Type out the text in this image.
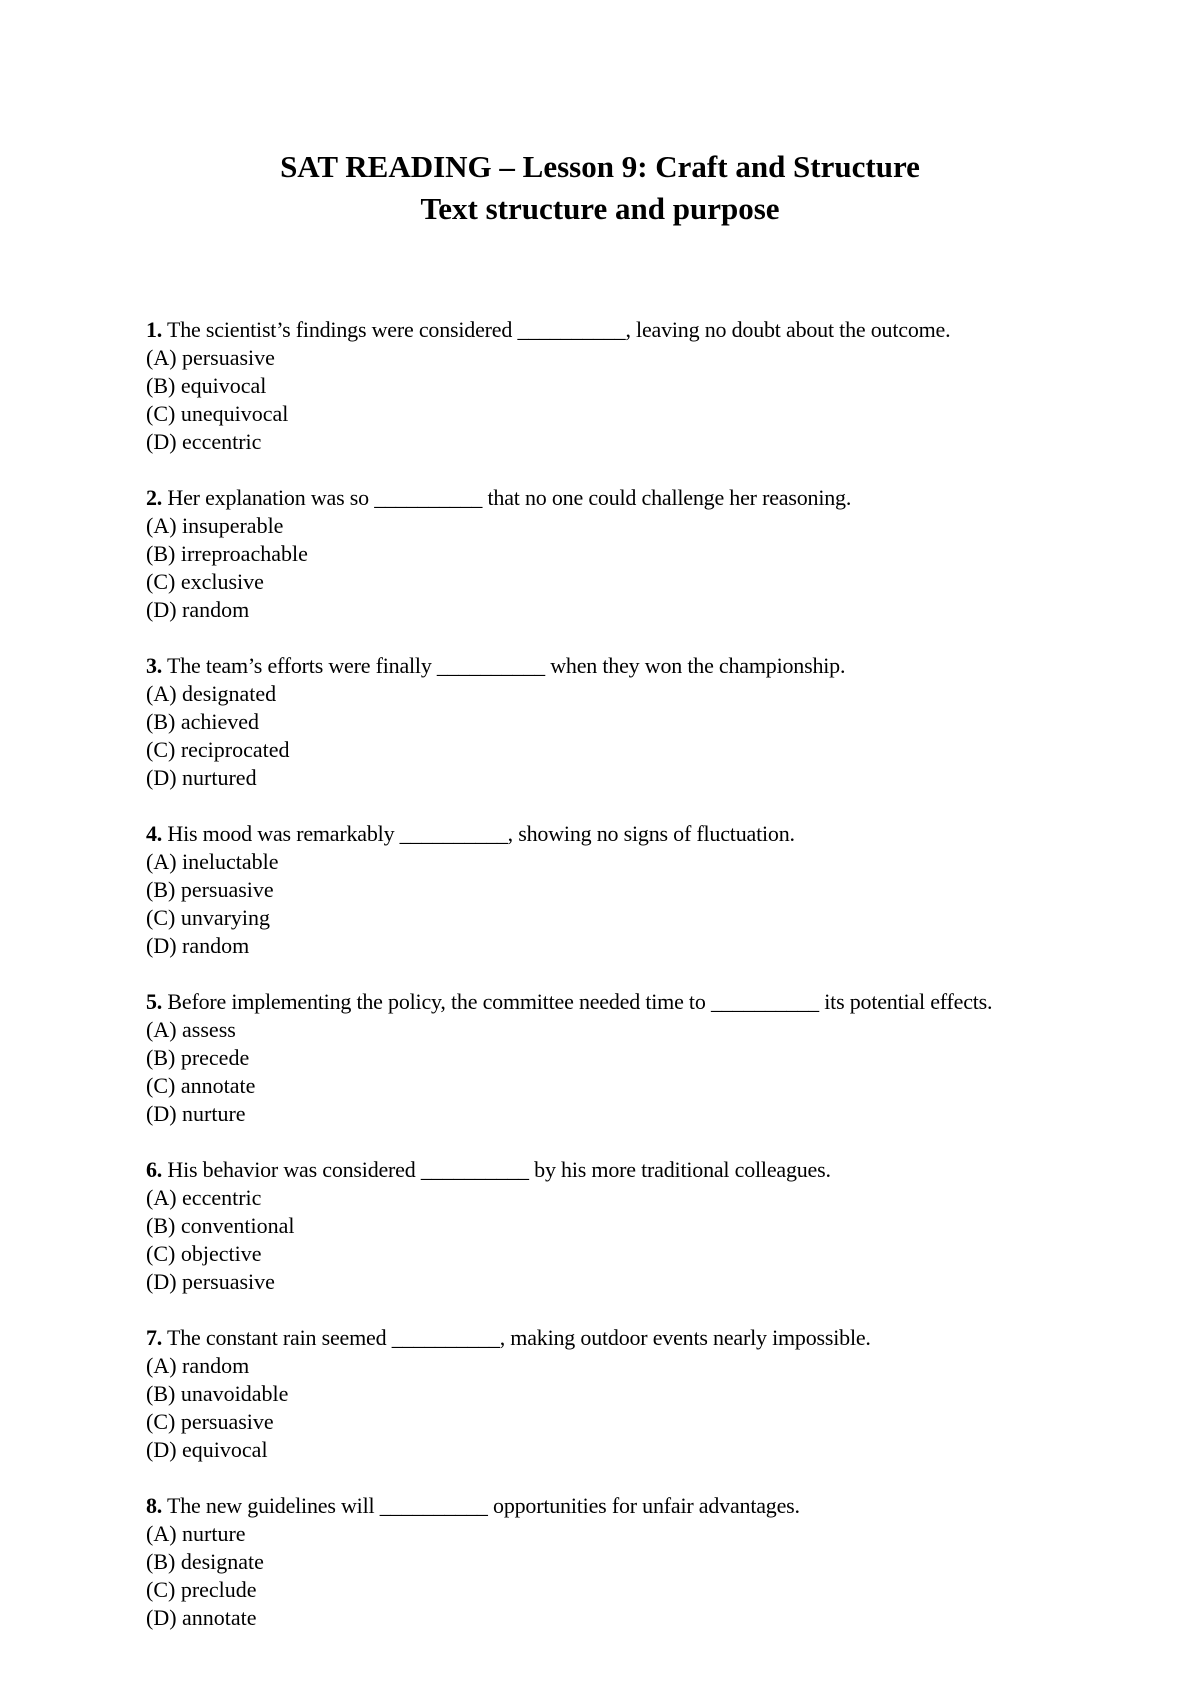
SAT READING – Lesson 9: Craft and Structure
Text structure and purpose

1. The scientist’s findings were considered __________, leaving no doubt about the outcome.

(A) persuasive
(B) equivocal
(C) unequivocal
(D) eccentric

2. Her explanation was so __________ that no one could challenge her reasoning.

(A) insuperable
(B) irreproachable
(C) exclusive
(D) random

3. The team’s efforts were finally __________ when they won the championship.

(A) designated
(B) achieved
(C) reciprocated
(D) nurtured

4. His mood was remarkably __________, showing no signs of fluctuation.

(A) ineluctable
(B) persuasive
(C) unvarying
(D) random

5. Before implementing the policy, the committee needed time to __________ its potential effects.

(A) assess
(B) precede
(C) annotate
(D) nurture

6. His behavior was considered __________ by his more traditional colleagues.

(A) eccentric
(B) conventional
(C) objective
(D) persuasive

7. The constant rain seemed __________, making outdoor events nearly impossible.

(A) random
(B) unavoidable
(C) persuasive
(D) equivocal

8. The new guidelines will __________ opportunities for unfair advantages.

(A) nurture
(B) designate
(C) preclude
(D) annotate
